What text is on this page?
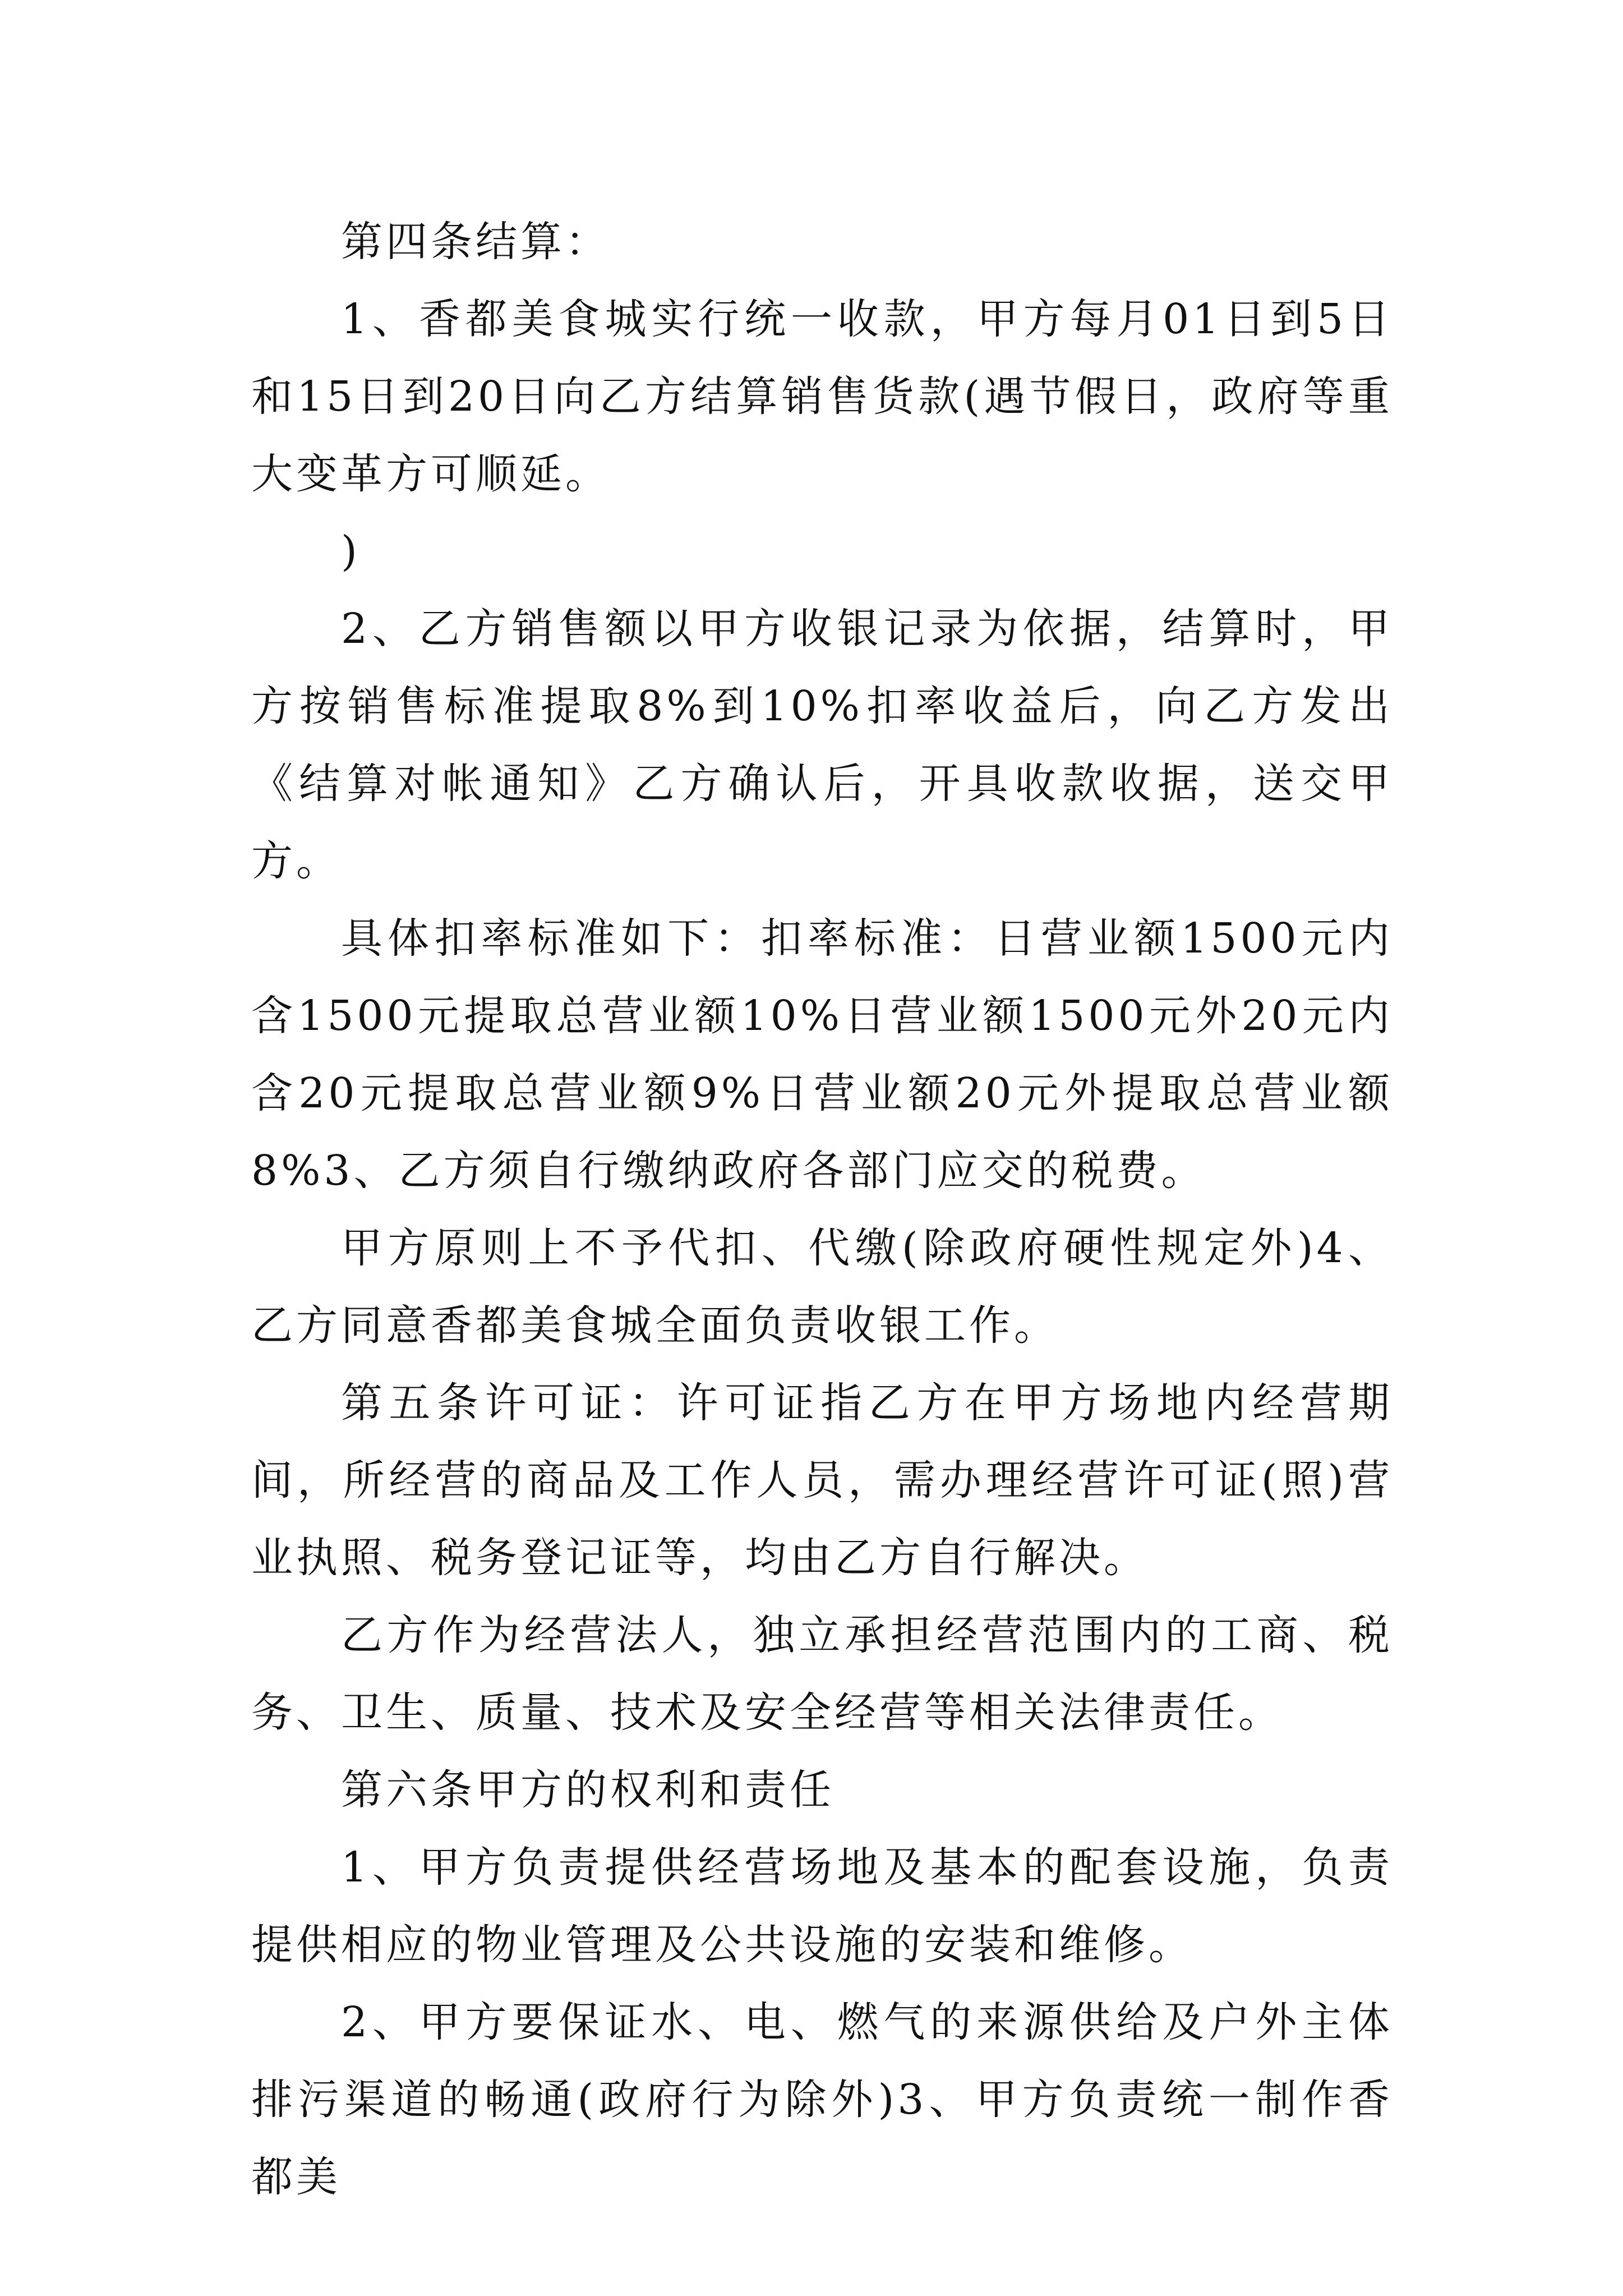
第四条结算：

1、香都美食城实行统一收款，甲方每月01日到5日和15日到20日向乙方结算销售货款(遇节假日，政府等重大变革方可顺延。

)

2、乙方销售额以甲方收银记录为依据，结算时，甲方按销售标准提取8%到10%扣率收益后，向乙方发出《结算对帐通知》乙方确认后，开具收款收据，送交甲方。

具体扣率标准如下：扣率标准：日营业额1500元内含1500元提取总营业额10%日营业额1500元外20元内含20元提取总营业额9%日营业额20元外提取总营业额8%3、乙方须自行缴纳政府各部门应交的税费。

甲方原则上不予代扣、代缴(除政府硬性规定外)4、乙方同意香都美食城全面负责收银工作。

第五条许可证：许可证指乙方在甲方场地内经营期间，所经营的商品及工作人员，需办理经营许可证(照)营业执照、税务登记证等，均由乙方自行解决。

乙方作为经营法人，独立承担经营范围内的工商、税务、卫生、质量、技术及安全经营等相关法律责任。

第六条甲方的权利和责任

1、甲方负责提供经营场地及基本的配套设施，负责提供相应的物业管理及公共设施的安装和维修。

2、甲方要保证水、电、燃气的来源供给及户外主体排污渠道的畅通(政府行为除外)3、甲方负责统一制作香都美
